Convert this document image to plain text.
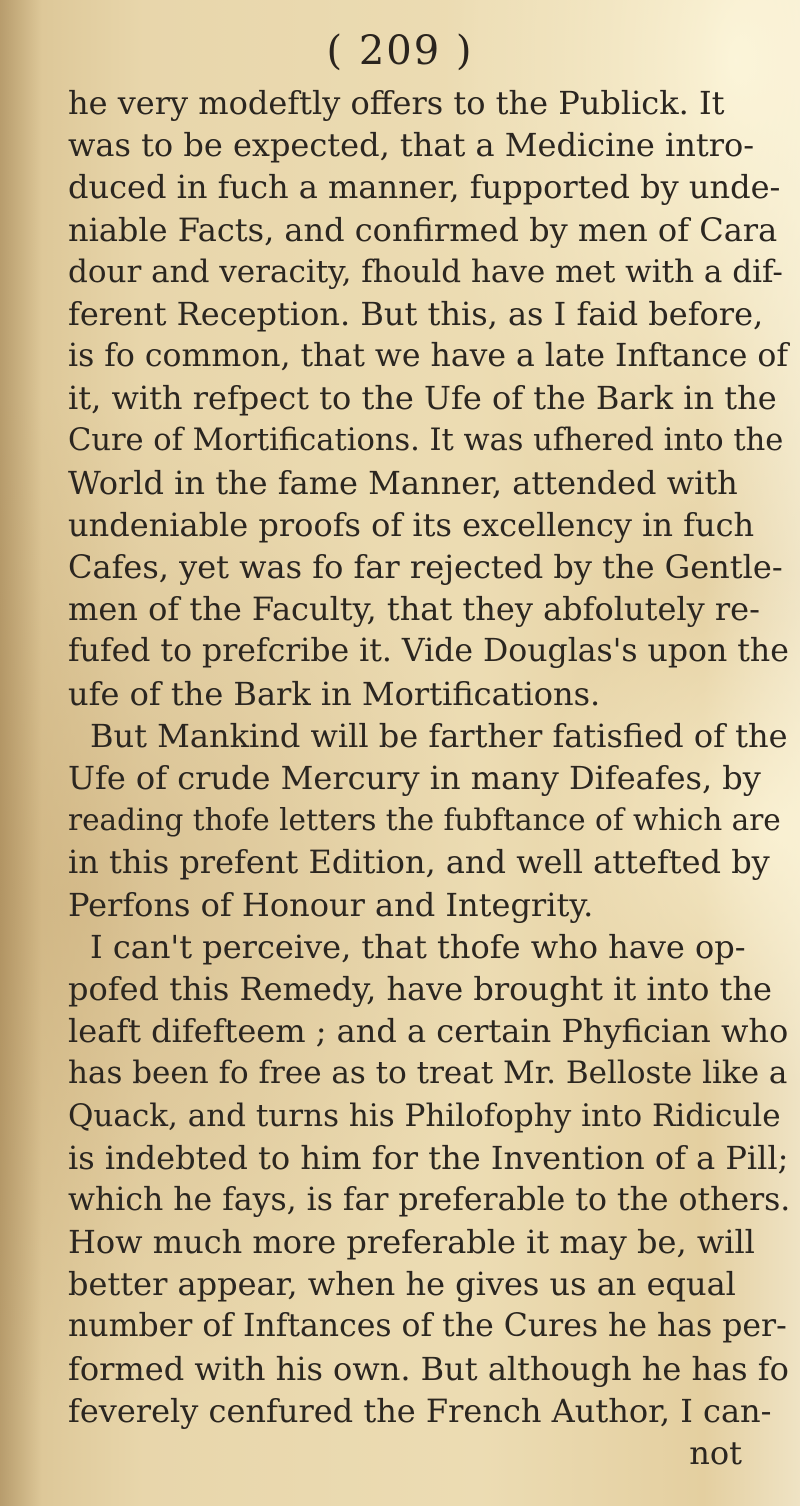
( 209 )
he very modeftly offers to the Publick. It
was to be expected, that a Medicine intro-
duced in fuch a manner, fupported by unde-
niable Facts, and confirmed by men of Cara
dour and veracity, fhould have met with a dif-
ferent Reception. But this, as I faid before,
is fo common, that we have a late Inftance of
it, with refpect to the Ufe of the Bark in the
Cure of Mortifications. It was ufhered into the
World in the fame Manner, attended with
undeniable proofs of its excellency in fuch
Cafes, yet was fo far rejected by the Gentle-
men of the Faculty, that they abfolutely re-
fufed to prefcribe it. Vide Douglas's upon the
ufe of the Bark in Mortifications.
But Mankind will be farther fatisfied of the
Ufe of crude Mercury in many Difeafes, by
reading thofe letters the fubftance of which are
in this prefent Edition, and well attefted by
Perfons of Honour and Integrity.
I can't perceive, that thofe who have op-
pofed this Remedy, have brought it into the
leaft difefteem ; and a certain Phyfician who
has been fo free as to treat Mr. Belloste like a
Quack, and turns his Philofophy into Ridicule
is indebted to him for the Invention of a Pill;
which he fays, is far preferable to the others.
How much more preferable it may be, will
better appear, when he gives us an equal
number of Inftances of the Cures he has per-
formed with his own. But although he has fo
feverely cenfured the French Author, I can-
not
